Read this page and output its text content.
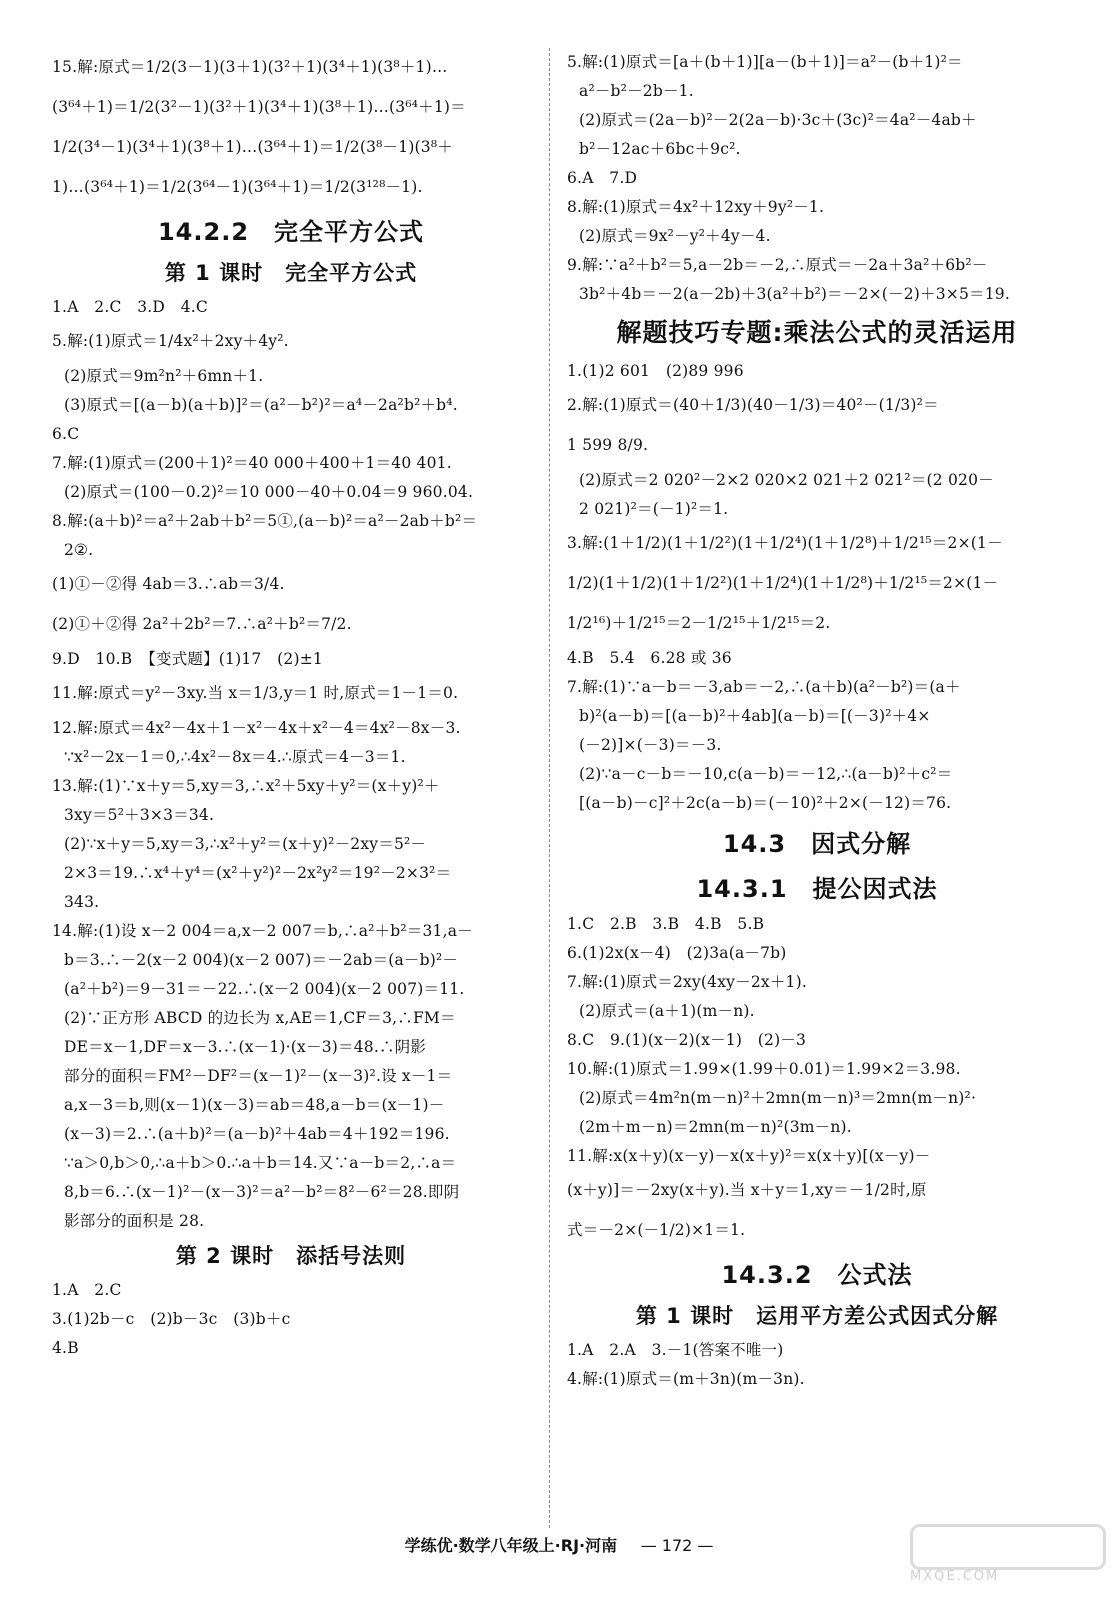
15.解:原式＝1/2(3－1)(3＋1)(3²＋1)(3⁴＋1)(3⁸＋1)…
(3⁶⁴＋1)＝1/2(3²－1)(3²＋1)(3⁴＋1)(3⁸＋1)…(3⁶⁴＋1)＝
1/2(3⁴－1)(3⁴＋1)(3⁸＋1)…(3⁶⁴＋1)＝1/2(3⁸－1)(3⁸＋
1)…(3⁶⁴＋1)＝1/2(3⁶⁴－1)(3⁶⁴＋1)＝1/2(3¹²⁸－1).
14.2.2　完全平方公式
第 1 课时　完全平方公式
1.A　2.C　3.D　4.C
5.解:(1)原式＝1/4x²＋2xy＋4y².
(2)原式＝9m²n²＋6mn＋1.
(3)原式＝[(a－b)(a＋b)]²＝(a²－b²)²＝a⁴－2a²b²＋b⁴.
6.C
7.解:(1)原式＝(200＋1)²＝40 000＋400＋1＝40 401.
(2)原式＝(100－0.2)²＝10 000－40＋0.04＝9 960.04.
8.解:(a＋b)²＝a²＋2ab＋b²＝5①,(a－b)²＝a²－2ab＋b²＝
2②.
(1)①－②得 4ab＝3.∴ab＝3/4.
(2)①＋②得 2a²＋2b²＝7.∴a²＋b²＝7/2.
9.D　10.B　【变式题】(1)17　(2)±1
11.解:原式＝y²－3xy.当 x＝1/3,y＝1 时,原式＝1－1＝0.
12.解:原式＝4x²－4x＋1－x²－4x＋x²－4＝4x²－8x－3.
∵x²－2x－1＝0,∴4x²－8x＝4.∴原式＝4－3＝1.
13.解:(1)∵x＋y＝5,xy＝3,∴x²＋5xy＋y²＝(x＋y)²＋
3xy＝5²＋3×3＝34.
(2)∵x＋y＝5,xy＝3,∴x²＋y²＝(x＋y)²－2xy＝5²－
2×3＝19.∴x⁴＋y⁴＝(x²＋y²)²－2x²y²＝19²－2×3²＝
343.
14.解:(1)设 x－2 004＝a,x－2 007＝b,∴a²＋b²＝31,a－
b＝3.∴－2(x－2 004)(x－2 007)＝－2ab＝(a－b)²－
(a²＋b²)＝9－31＝－22.∴(x－2 004)(x－2 007)＝11.
(2)∵正方形 ABCD 的边长为 x,AE＝1,CF＝3,∴FM＝
DE＝x－1,DF＝x－3.∴(x－1)·(x－3)＝48.∴阴影
部分的面积＝FM²－DF²＝(x－1)²－(x－3)².设 x－1＝
a,x－3＝b,则(x－1)(x－3)＝ab＝48,a－b＝(x－1)－
(x－3)＝2.∴(a＋b)²＝(a－b)²＋4ab＝4＋192＝196.
∵a＞0,b＞0,∴a＋b＞0.∴a＋b＝14.又∵a－b＝2,∴a＝
8,b＝6.∴(x－1)²－(x－3)²＝a²－b²＝8²－6²＝28.即阴
影部分的面积是 28.
第 2 课时　添括号法则
1.A　2.C
3.(1)2b－c　(2)b－3c　(3)b＋c
4.B
5.解:(1)原式＝[a＋(b＋1)][a－(b＋1)]＝a²－(b＋1)²＝
a²－b²－2b－1.
(2)原式＝(2a－b)²－2(2a－b)·3c＋(3c)²＝4a²－4ab＋
b²－12ac＋6bc＋9c².
6.A　7.D
8.解:(1)原式＝4x²＋12xy＋9y²－1.
(2)原式＝9x²－y²＋4y－4.
9.解:∵a²＋b²＝5,a－2b＝－2,∴原式＝－2a＋3a²＋6b²－
3b²＋4b＝－2(a－2b)＋3(a²＋b²)＝－2×(－2)＋3×5＝19.
解题技巧专题:乘法公式的灵活运用
1.(1)2 601　(2)89 996
2.解:(1)原式＝(40＋1/3)(40－1/3)＝40²－(1/3)²＝
1 599 8/9.
(2)原式＝2 020²－2×2 020×2 021＋2 021²＝(2 020－
2 021)²＝(－1)²＝1.
3.解:(1＋1/2)(1＋1/2²)(1＋1/2⁴)(1＋1/2⁸)＋1/2¹⁵＝2×(1－
1/2)(1＋1/2)(1＋1/2²)(1＋1/2⁴)(1＋1/2⁸)＋1/2¹⁵＝2×(1－
1/2¹⁶)＋1/2¹⁵＝2－1/2¹⁵＋1/2¹⁵＝2.
4.B　5.4　6.28 或 36
7.解:(1)∵a－b＝－3,ab＝－2,∴(a＋b)(a²－b²)＝(a＋
b)²(a－b)＝[(a－b)²＋4ab](a－b)＝[(－3)²＋4×
(－2)]×(－3)＝－3.
(2)∵a－c－b＝－10,c(a－b)＝－12,∴(a－b)²＋c²＝
[(a－b)－c]²＋2c(a－b)＝(－10)²＋2×(－12)＝76.
14.3　因式分解
14.3.1　提公因式法
1.C　2.B　3.B　4.B　5.B
6.(1)2x(x－4)　(2)3a(a－7b)
7.解:(1)原式＝2xy(4xy－2x＋1).
(2)原式＝(a＋1)(m－n).
8.C　9.(1)(x－2)(x－1)　(2)－3
10.解:(1)原式＝1.99×(1.99＋0.01)＝1.99×2＝3.98.
(2)原式＝4m²n(m－n)²＋2mn(m－n)³＝2mn(m－n)²·
(2m＋m－n)＝2mn(m－n)²(3m－n).
11.解:x(x＋y)(x－y)－x(x＋y)²＝x(x＋y)[(x－y)－
(x＋y)]＝－2xy(x＋y).当 x＋y＝1,xy＝－1/2时,原
式＝－2×(－1/2)×1＝1.
14.3.2　公式法
第 1 课时　运用平方差公式因式分解
1.A　2.A　3.－1(答案不唯一)
4.解:(1)原式＝(m＋3n)(m－3n).
学练优·数学八年级上·RJ·河南 — 172 —
MXQE.COM
